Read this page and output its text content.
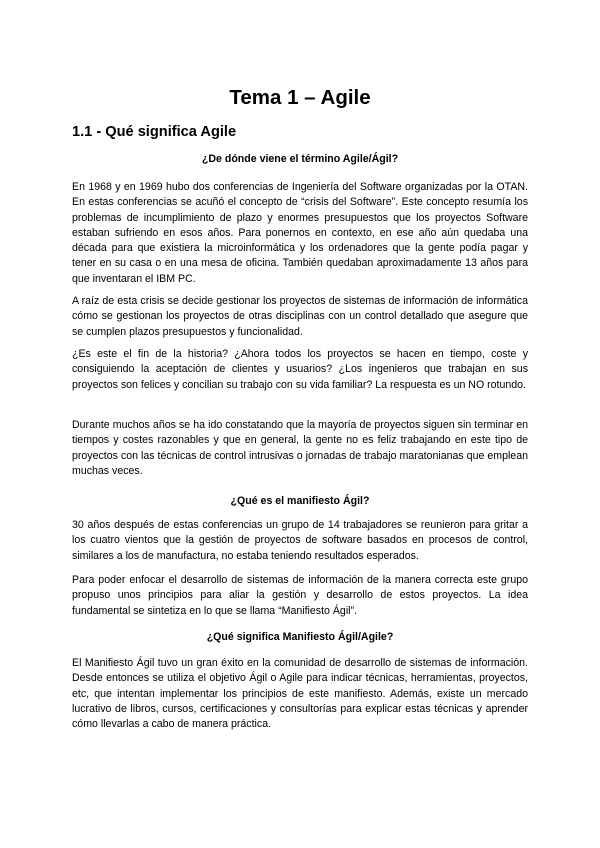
Tema 1 – Agile
1.1 - Qué significa Agile
¿De dónde viene el término Agile/Ágil?

En 1968 y en 1969 hubo dos conferencias de Ingeniería del Software organizadas por la OTAN. En estas conferencias se acuñó el concepto de “crisis del Software”. Este concepto resumía los problemas de incumplimiento de plazo y enormes presupuestos que los proyectos Software estaban sufriendo en esos años. Para ponernos en contexto, en ese año aún quedaba una década para que existiera la microinformática y los ordenadores que la gente podía pagar y tener en su casa o en una mesa de oficina. También quedaban aproximadamente 13 años para que inventaran el IBM PC.

A raíz de esta crisis se decide gestionar los proyectos de sistemas de información de informática cómo se gestionan los proyectos de otras disciplinas con un control detallado que asegure que se cumplen plazos presupuestos y funcionalidad.

¿Es este el fin de la historia? ¿Ahora todos los proyectos se hacen en tiempo, coste y consiguiendo la aceptación de clientes y usuarios? ¿Los ingenieros que trabajan en sus proyectos son felices y concilian su trabajo con su vida familiar? La respuesta es un NO rotundo.

Durante muchos años se ha ido constatando que la mayoría de proyectos siguen sin terminar en tiempos y costes razonables y que en general, la gente no es feliz trabajando en este tipo de proyectos con las técnicas de control intrusivas o jornadas de trabajo maratonianas que emplean muchas veces.

¿Qué es el manifiesto Ágil?

30 años después de estas conferencias un grupo de 14 trabajadores se reunieron para gritar a los cuatro vientos que la gestión de proyectos de software basados en procesos de control, similares a los de manufactura, no estaba teniendo resultados esperados.

Para poder enfocar el desarrollo de sistemas de información de la manera correcta este grupo propuso unos principios para aliar la gestión y desarrollo de estos proyectos. La idea fundamental se sintetiza en lo que se llama “Manifiesto Ágil”.

¿Qué significa Manifiesto Ágil/Agile?

El Manifiesto Ágil tuvo un gran éxito en la comunidad de desarrollo de sistemas de información. Desde entonces se utiliza el objetivo Ágil o Agile para indicar técnicas, herramientas, proyectos, etc, que intentan implementar los principios de este manifiesto. Además, existe un mercado lucrativo de libros, cursos, certificaciones y consultorías para explicar estas técnicas y aprender cómo llevarlas a cabo de manera práctica.
